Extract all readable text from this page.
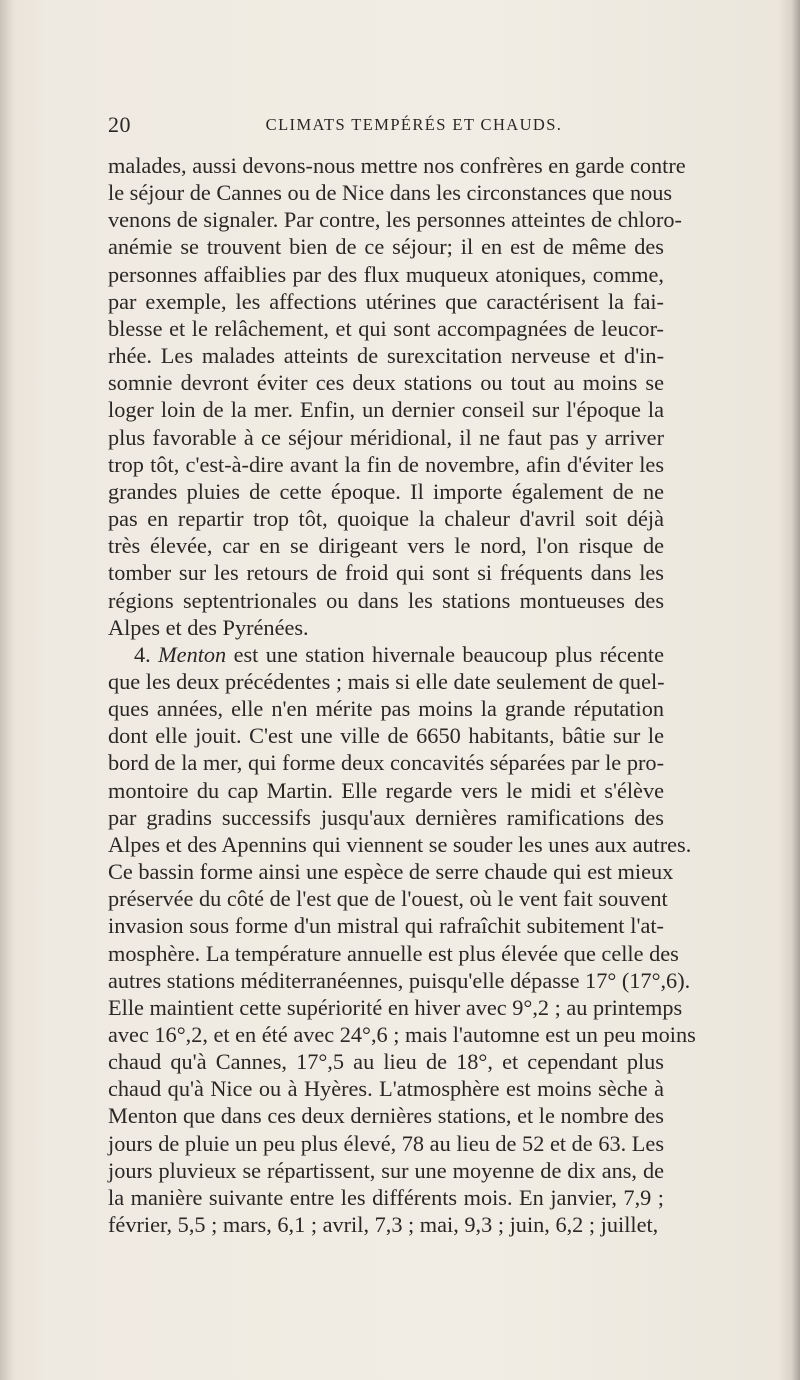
20	CLIMATS TEMPÉRÉS ET CHAUDS.

malades, aussi devons-nous mettre nos confrères en garde contre
le séjour de Cannes ou de Nice dans les circonstances que nous
venons de signaler. Par contre, les personnes atteintes de chloro-
anémie se trouvent bien de ce séjour; il en est de même des
personnes affaiblies par des flux muqueux atoniques, comme,
par exemple, les affections utérines que caractérisent la fai-
blesse et le relâchement, et qui sont accompagnées de leucor-
rhée. Les malades atteints de surexcitation nerveuse et d'in-
somnie devront éviter ces deux stations ou tout au moins se
loger loin de la mer. Enfin, un dernier conseil sur l'époque la
plus favorable à ce séjour méridional, il ne faut pas y arriver
trop tôt, c'est-à-dire avant la fin de novembre, afin d'éviter les
grandes pluies de cette époque. Il importe également de ne
pas en repartir trop tôt, quoique la chaleur d'avril soit déjà
très élevée, car en se dirigeant vers le nord, l'on risque de
tomber sur les retours de froid qui sont si fréquents dans les
régions septentrionales ou dans les stations montueuses des
Alpes et des Pyrénées.

4. Menton est une station hivernale beaucoup plus récente
que les deux précédentes ; mais si elle date seulement de quel-
ques années, elle n'en mérite pas moins la grande réputation
dont elle jouit. C'est une ville de 6650 habitants, bâtie sur le
bord de la mer, qui forme deux concavités séparées par le pro-
montoire du cap Martin. Elle regarde vers le midi et s'élève
par gradins successifs jusqu'aux dernières ramifications des
Alpes et des Apennins qui viennent se souder les unes aux autres.
Ce bassin forme ainsi une espèce de serre chaude qui est mieux
préservée du côté de l'est que de l'ouest, où le vent fait souvent
invasion sous forme d'un mistral qui rafraîchit subitement l'at-
mosphère. La température annuelle est plus élevée que celle des
autres stations méditerranéennes, puisqu'elle dépasse 17° (17°,6).
Elle maintient cette supériorité en hiver avec 9°,2 ; au printemps
avec 16°,2, et en été avec 24°,6 ; mais l'automne est un peu moins
chaud qu'à Cannes, 17°,5 au lieu de 18°, et cependant plus
chaud qu'à Nice ou à Hyères. L'atmosphère est moins sèche à
Menton que dans ces deux dernières stations, et le nombre des
jours de pluie un peu plus élevé, 78 au lieu de 52 et de 63. Les
jours pluvieux se répartissent, sur une moyenne de dix ans, de
la manière suivante entre les différents mois. En janvier, 7,9 ;
février, 5,5 ; mars, 6,1 ; avril, 7,3 ; mai, 9,3 ; juin, 6,2 ; juillet,
